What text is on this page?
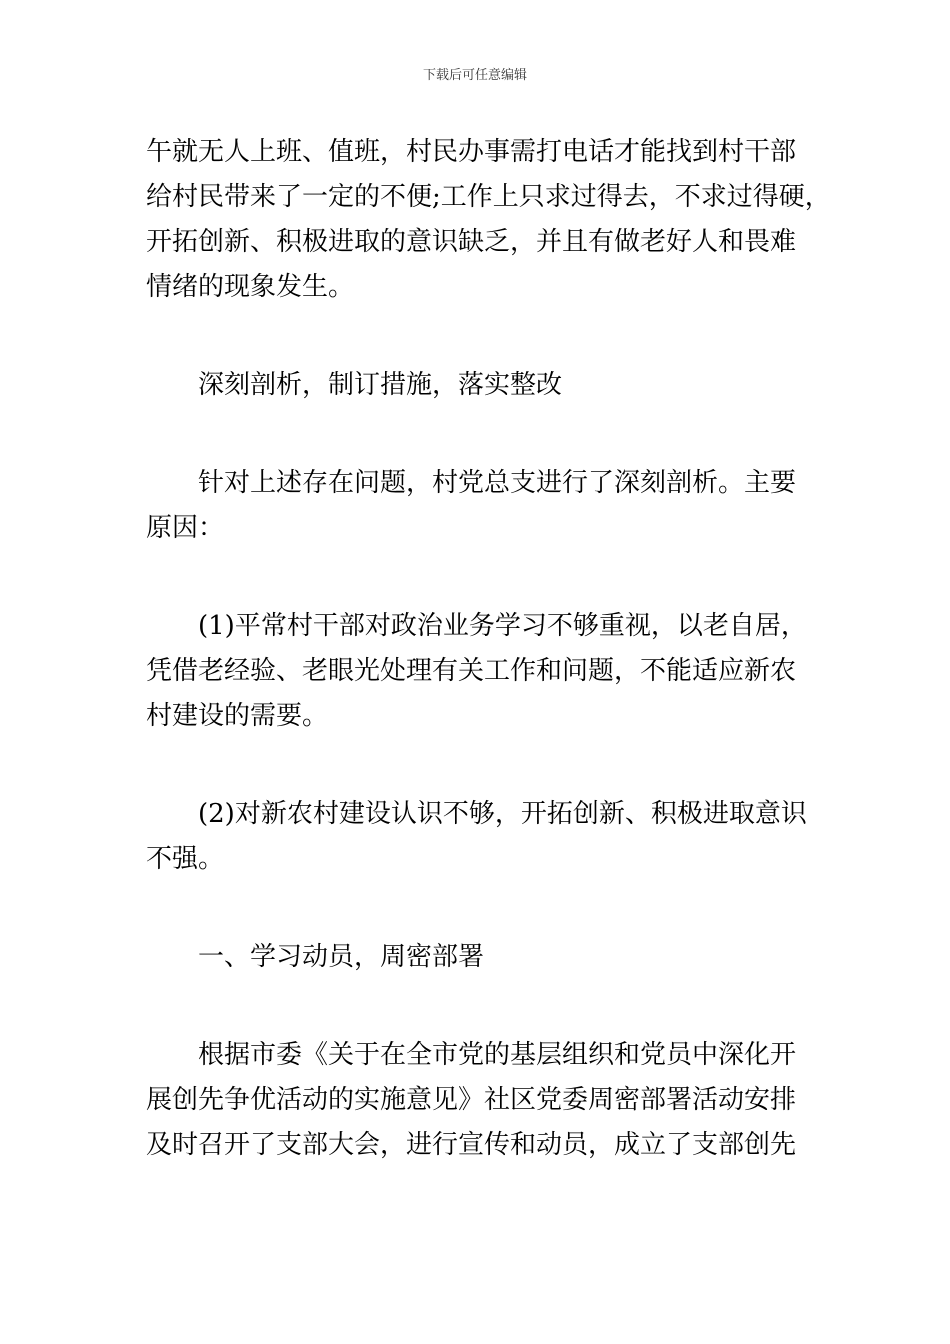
下载后可任意编辑
午就无人上班、值班，村民办事需打电话才能找到村干部
给村民带来了一定的不便;工作上只求过得去，不求过得硬，
开拓创新、积极进取的意识缺乏，并且有做老好人和畏难
情绪的现象发生。
深刻剖析，制订措施，落实整改
针对上述存在问题，村党总支进行了深刻剖析。主要
原因：
(1)平常村干部对政治业务学习不够重视，以老自居，
凭借老经验、老眼光处理有关工作和问题，不能适应新农
村建设的需要。
(2)对新农村建设认识不够，开拓创新、积极进取意识
不强。
一、学习动员，周密部署
根据市委《关于在全市党的基层组织和党员中深化开
展创先争优活动的实施意见》社区党委周密部署活动安排
及时召开了支部大会，进行宣传和动员，成立了支部创先
